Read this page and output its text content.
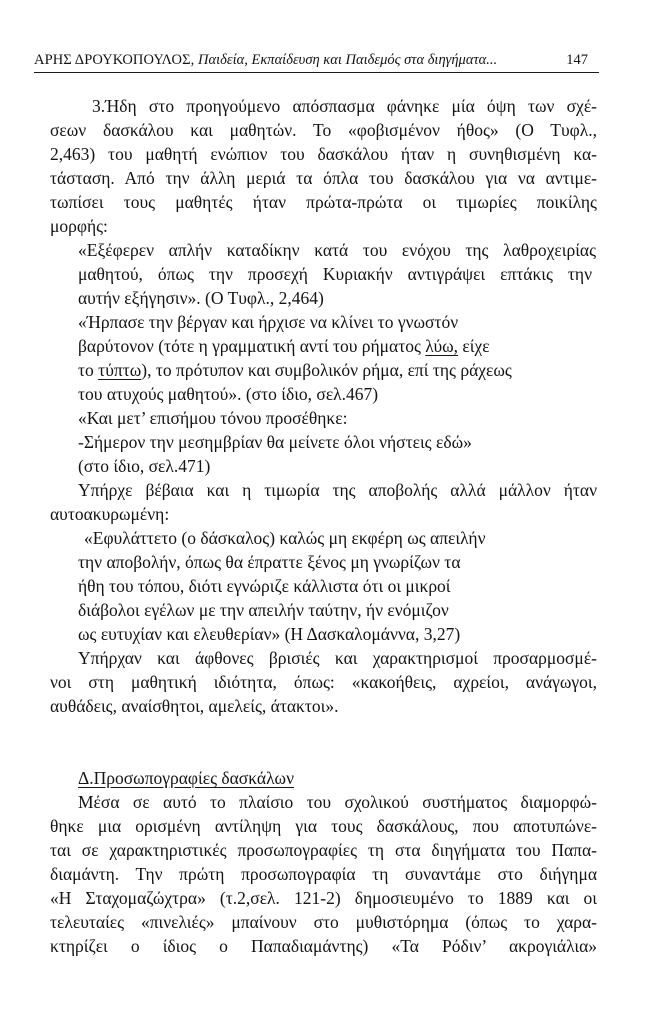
ΑΡΗΣ ΔΡΟΥΚΟΠΟΥΛΟΣ, Παιδεία, Εκπαίδευση και Παιδεμός στα διηγήματα...	147
3.Ήδη στο προηγούμενο απόσπασμα φάνηκε μία όψη των σχέ-
σεων δασκάλου και μαθητών. Το «φοβισμένον ήθος» (Ο Τυφλ.,
2,463) του μαθητή ενώπιον του δασκάλου ήταν η συνηθισμένη κα-
τάσταση. Από την άλλη μεριά τα όπλα του δασκάλου για να αντιμε-
τωπίσει τους μαθητές ήταν πρώτα-πρώτα οι τιμωρίες ποικίλης
μορφής:
«Εξέφερεν απλήν καταδίκην κατά του ενόχου της λαθροχειρίας
μαθητού, όπως την προσεχή Κυριακήν αντιγράψει επτάκις την
αυτήν εξήγησιν». (Ο Τυφλ., 2,464)
«Ήρπασε την βέργαν και ήρχισε να κλίνει το γνωστόν
βαρύτονον (τότε η γραμματική αντί του ρήματος λύω, είχε
το τύπτω), το πρότυπον και συμβολικόν ρήμα, επί της ράχεως
του ατυχούς μαθητού». (στο ίδιο, σελ.467)
«Και μετ’ επισήμου τόνου προσέθηκε:
-Σήμερον την μεσημβρίαν θα μείνετε όλοι νήστεις εδώ»
(στο ίδιο, σελ.471)
Υπήρχε βέβαια και η τιμωρία της αποβολής αλλά μάλλον ήταν
αυτοακυρωμένη:
«Εφυλάττετο (ο δάσκαλος) καλώς μη εκφέρη ως απειλήν
την αποβολήν, όπως θα έπραττε ξένος μη γνωρίζων τα
ήθη του τόπου, διότι εγνώριζε κάλλιστα ότι οι μικροί
διάβολοι εγέλων με την απειλήν ταύτην, ήν ενόμιζον
ως ευτυχίαν και ελευθερίαν» (Η Δασκαλομάννα, 3,27)
Υπήρχαν και άφθονες βρισιές και χαρακτηρισμοί προσαρμοσμέ-
νοι στη μαθητική ιδιότητα, όπως: «κακοήθεις, αχρείοι, ανάγωγοι,
αυθάδεις, αναίσθητοι, αμελείς, άτακτοι».
Δ.Προσωπογραφίες δασκάλων
Μέσα σε αυτό το πλαίσιο του σχολικού συστήματος διαμορφώ-
θηκε μια ορισμένη αντίληψη για τους δασκάλους, που αποτυπώνε-
ται σε χαρακτηριστικές προσωπογραφίες τη στα διηγήματα του Παπα-
διαμάντη. Την πρώτη προσωπογραφία τη συναντάμε στο διήγημα
«Η Σταχομαζώχτρα» (τ.2,σελ. 121-2) δημοσιευμένο το 1889 και οι
τελευταίες «πινελιές» μπαίνουν στο μυθιστόρημα (όπως το χαρα-
κτηρίζει ο ίδιος ο Παπαδιαμάντης) «Τα Ρόδιν’ ακρογιάλια»
